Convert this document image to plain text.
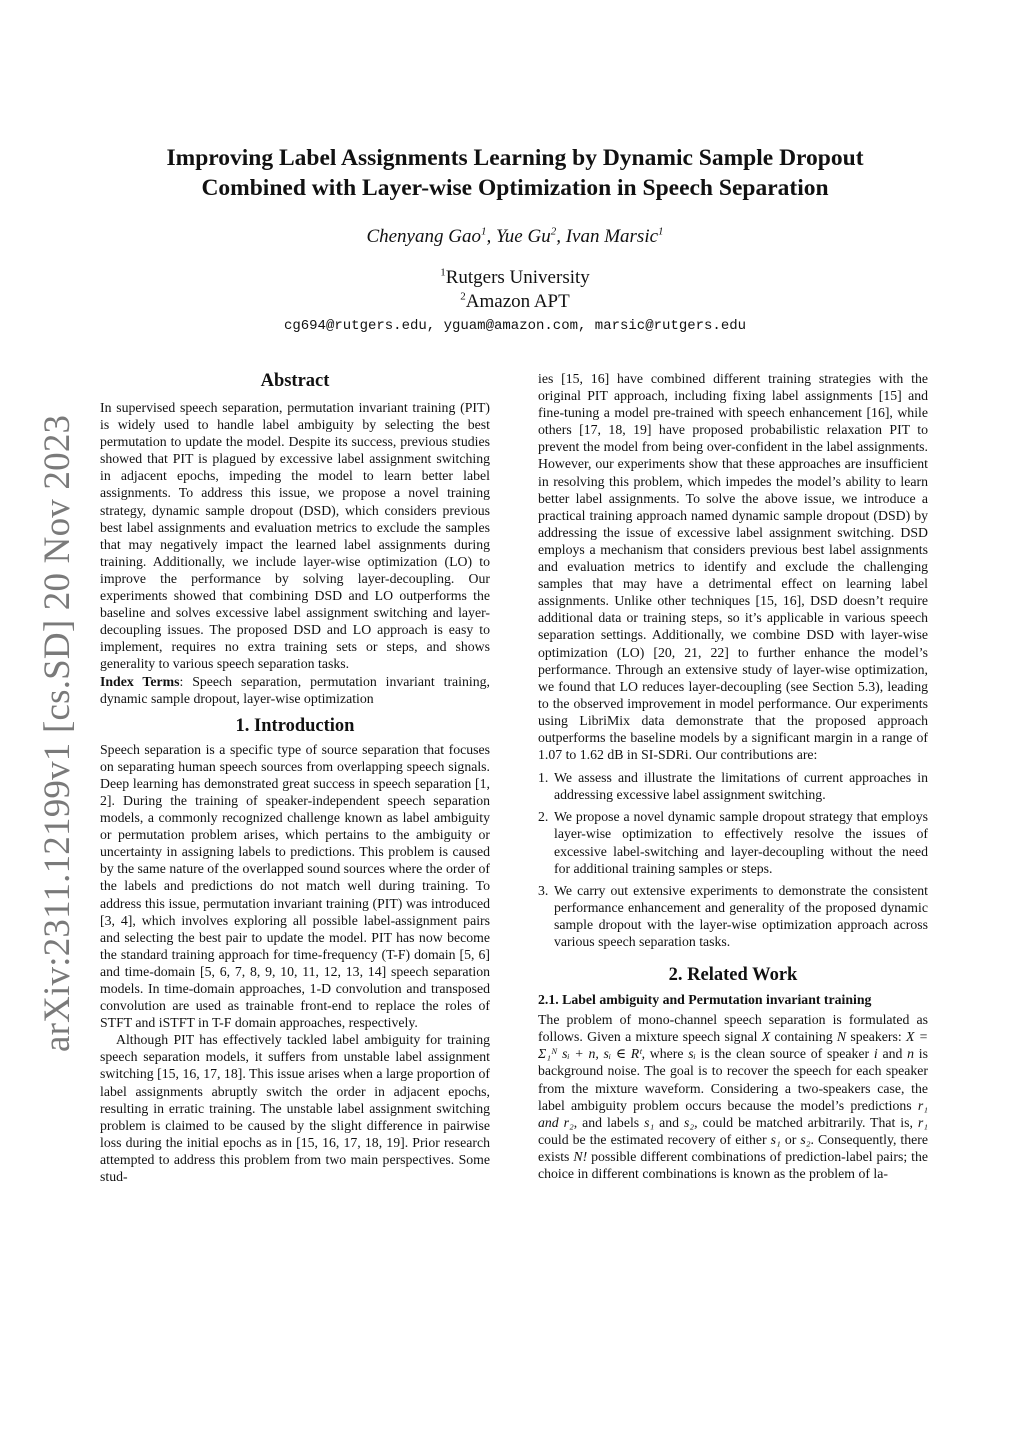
arXiv:2311.12199v1 [cs.SD] 20 Nov 2023
Improving Label Assignments Learning by Dynamic Sample Dropout
Combined with Layer-wise Optimization in Speech Separation
Chenyang Gao$^1$, Yue Gu$^2$, Ivan Marsic$^1$
$^1$Rutgers University
$^2$Amazon APT
cg694@rutgers.edu, yguam@amazon.com, marsic@rutgers.edu
Abstract

In supervised speech separation, permutation invariant training (PIT) is widely used to handle label ambiguity by selecting the best permutation to update the model. Despite its success, previous studies showed that PIT is plagued by excessive label assignment switching in adjacent epochs, impeding the model to learn better label assignments. To address this issue, we propose a novel training strategy, dynamic sample dropout (DSD), which considers previous best label assignments and evaluation metrics to exclude the samples that may negatively impact the learned label assignments during training. Additionally, we include layer-wise optimization (LO) to improve the performance by solving layer-decoupling. Our experiments showed that combining DSD and LO outperforms the baseline and solves excessive label assignment switching and layer-decoupling issues. The proposed DSD and LO approach is easy to implement, requires no extra training sets or steps, and shows generality to various speech separation tasks.

Index Terms: Speech separation, permutation invariant training, dynamic sample dropout, layer-wise optimization

1. Introduction

Speech separation is a specific type of source separation that focuses on separating human speech sources from overlapping speech signals. Deep learning has demonstrated great success in speech separation [1, 2]. During the training of speaker-independent speech separation models, a commonly recognized challenge known as label ambiguity or permutation problem arises, which pertains to the ambiguity or uncertainty in assigning labels to predictions. This problem is caused by the same nature of the overlapped sound sources where the order of the labels and predictions do not match well during training. To address this issue, permutation invariant training (PIT) was introduced [3, 4], which involves exploring all possible label-assignment pairs and selecting the best pair to update the model. PIT has now become the standard training approach for time-frequency (T-F) domain [5, 6] and time-domain [5, 6, 7, 8, 9, 10, 11, 12, 13, 14] speech separation models. In time-domain approaches, 1-D convolution and transposed convolution are used as trainable front-end to replace the roles of STFT and iSTFT in T-F domain approaches, respectively.

Although PIT has effectively tackled label ambiguity for training speech separation models, it suffers from unstable label assignment switching [15, 16, 17, 18]. This issue arises when a large proportion of label assignments abruptly switch the order in adjacent epochs, resulting in erratic training. The unstable label assignment switching problem is claimed to be caused by the slight difference in pairwise loss during the initial epochs as in [15, 16, 17, 18, 19]. Prior research attempted to address this problem from two main perspectives. Some stud-

ies [15, 16] have combined different training strategies with the original PIT approach, including fixing label assignments [15] and fine-tuning a model pre-trained with speech enhancement [16], while others [17, 18, 19] have proposed probabilistic relaxation PIT to prevent the model from being over-confident in the label assignments. However, our experiments show that these approaches are insufficient in resolving this problem, which impedes the model’s ability to learn better label assignments. To solve the above issue, we introduce a practical training approach named dynamic sample dropout (DSD) by addressing the issue of excessive label assignment switching. DSD employs a mechanism that considers previous best label assignments and evaluation metrics to identify and exclude the challenging samples that may have a detrimental effect on learning label assignments. Unlike other techniques [15, 16], DSD doesn’t require additional data or training steps, so it’s applicable in various speech separation settings. Additionally, we combine DSD with layer-wise optimization (LO) [20, 21, 22] to further enhance the model’s performance. Through an extensive study of layer-wise optimization, we found that LO reduces layer-decoupling (see Section 5.3), leading to the observed improvement in model performance. Our experiments using LibriMix data demonstrate that the proposed approach outperforms the baseline models by a significant margin in a range of 1.07 to 1.62 dB in SI-SDRi. Our contributions are:

1. We assess and illustrate the limitations of current approaches in addressing excessive label assignment switching.
2. We propose a novel dynamic sample dropout strategy that employs layer-wise optimization to effectively resolve the issues of excessive label-switching and layer-decoupling without the need for additional training samples or steps.
3. We carry out extensive experiments to demonstrate the consistent performance enhancement and generality of the proposed dynamic sample dropout with the layer-wise optimization approach across various speech separation tasks.
2. Related Work
2.1. Label ambiguity and Permutation invariant training

The problem of mono-channel speech separation is formulated as follows. Given a mixture speech signal X containing N speakers: X = Σ₁ᴺ sᵢ + n, sᵢ ∈ Rᵗ, where sᵢ is the clean source of speaker i and n is background noise. The goal is to recover the speech for each speaker from the mixture waveform. Considering a two-speakers case, the label ambiguity problem occurs because the model’s predictions r₁ and r₂, and labels s₁ and s₂, could be matched arbitrarily. That is, r₁ could be the estimated recovery of either s₁ or s₂. Consequently, there exists N! possible different combinations of prediction-label pairs; the choice in different combinations is known as the problem of la-
